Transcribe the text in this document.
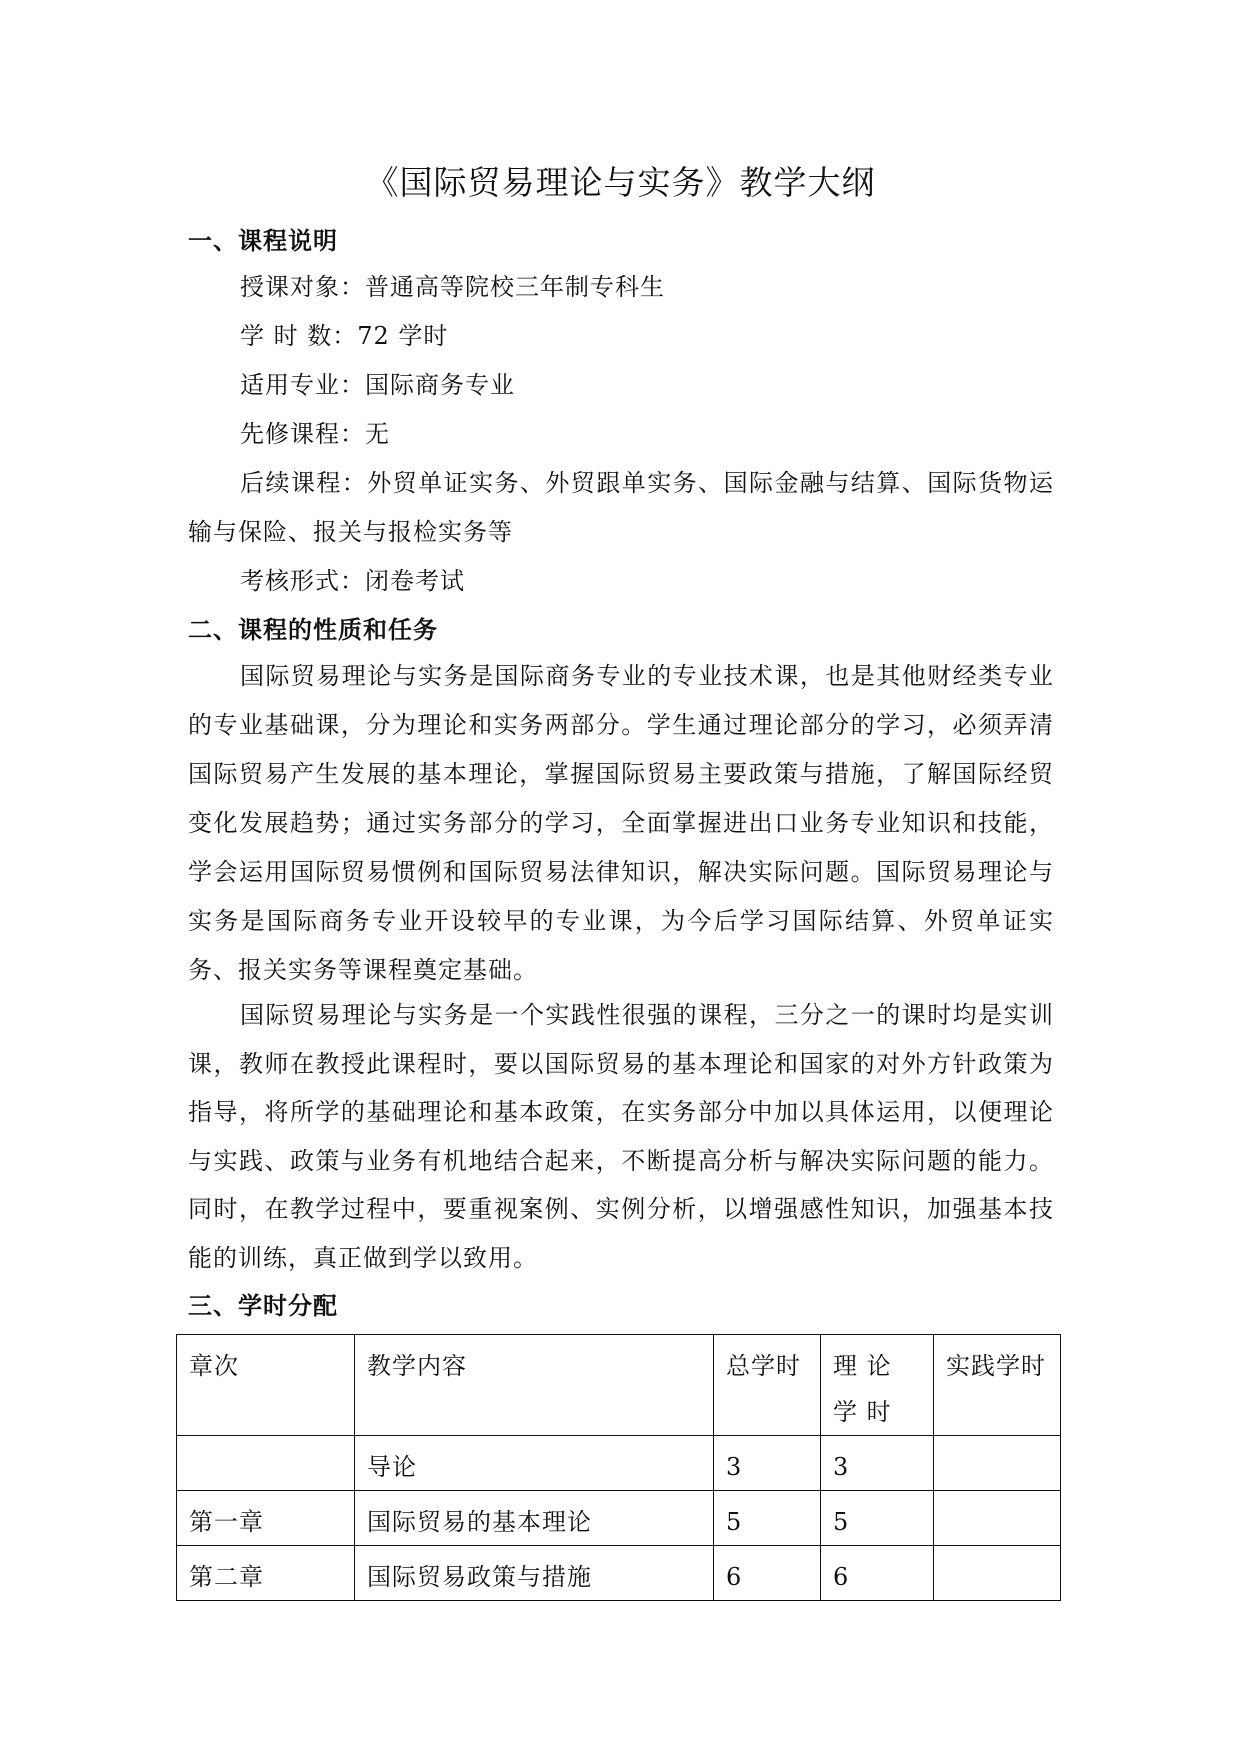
《国际贸易理论与实务》教学大纲
一、课程说明
授课对象：普通高等院校三年制专科生
学 时 数：72 学时
适用专业：国际商务专业
先修课程：无
后续课程：外贸单证实务、外贸跟单实务、国际金融与结算、国际货物运输与保险、报关与报检实务等
考核形式：闭卷考试
二、课程的性质和任务
国际贸易理论与实务是国际商务专业的专业技术课，也是其他财经类专业的专业基础课，分为理论和实务两部分。学生通过理论部分的学习，必须弄清国际贸易产生发展的基本理论，掌握国际贸易主要政策与措施，了解国际经贸变化发展趋势；通过实务部分的学习，全面掌握进出口业务专业知识和技能，学会运用国际贸易惯例和国际贸易法律知识，解决实际问题。国际贸易理论与实务是国际商务专业开设较早的专业课，为今后学习国际结算、外贸单证实务、报关实务等课程奠定基础。
国际贸易理论与实务是一个实践性很强的课程，三分之一的课时均是实训课，教师在教授此课程时，要以国际贸易的基本理论和国家的对外方针政策为指导，将所学的基础理论和基本政策，在实务部分中加以具体运用，以便理论与实践、政策与业务有机地结合起来，不断提高分析与解决实际问题的能力。同时，在教学过程中，要重视案例、实例分析，以增强感性知识，加强基本技能的训练，真正做到学以致用。
三、学时分配
章次	教学内容	总学时	理 论 学 时	实践学时
	导论	3	3	
第一章	国际贸易的基本理论	5	5	
第二章	国际贸易政策与措施	6	6	
